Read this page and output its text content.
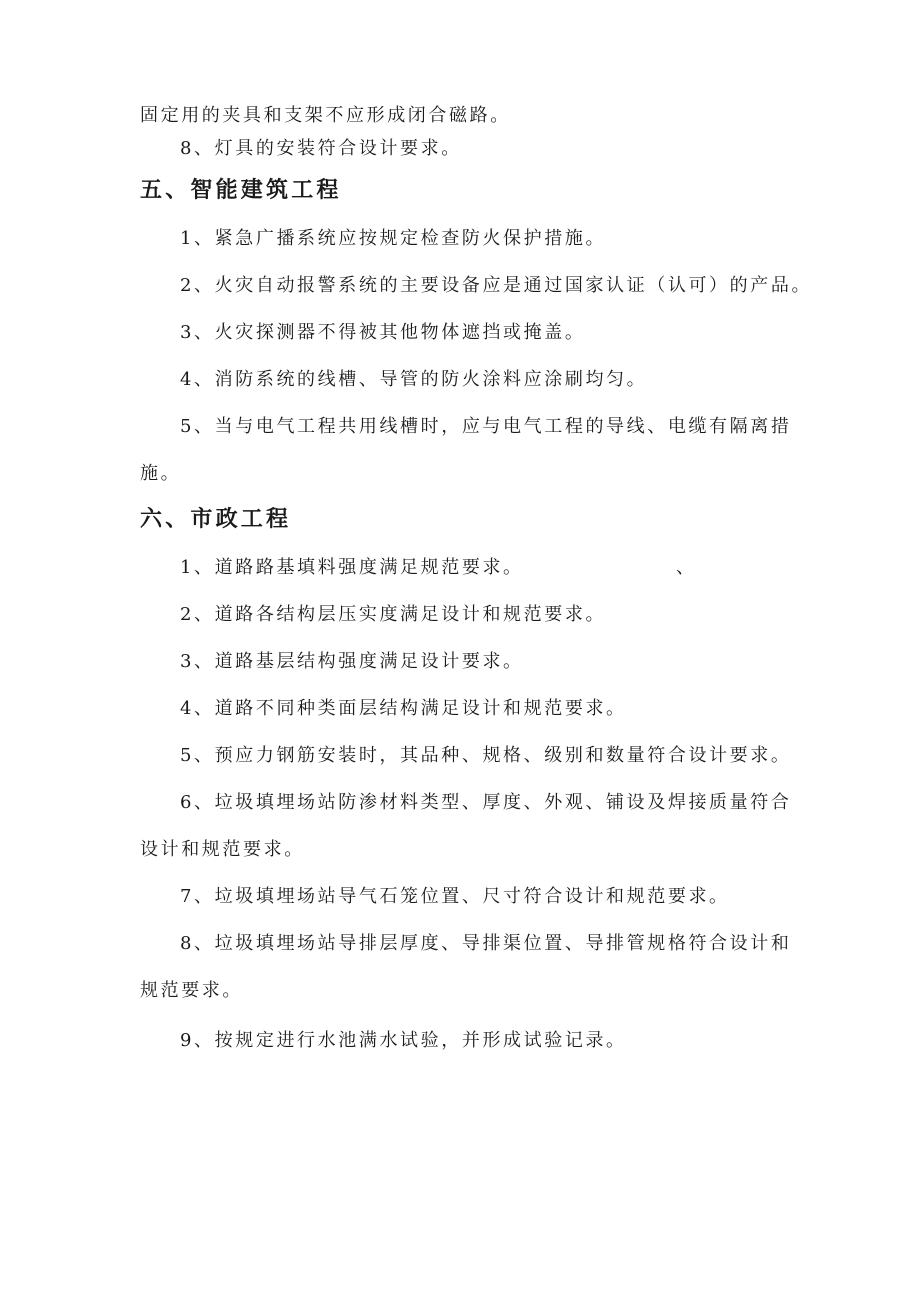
固定用的夹具和支架不应形成闭合磁路。
8、灯具的安装符合设计要求。
五、智能建筑工程
1、紧急广播系统应按规定检查防火保护措施。
2、火灾自动报警系统的主要设备应是通过国家认证（认可）的产品。
3、火灾探测器不得被其他物体遮挡或掩盖。
4、消防系统的线槽、导管的防火涂料应涂刷均匀。
5、当与电气工程共用线槽时，应与电气工程的导线、电缆有隔离措
施。
六、市政工程
1、道路路基填料强度满足规范要求。	、
2、道路各结构层压实度满足设计和规范要求。
3、道路基层结构强度满足设计要求。
4、道路不同种类面层结构满足设计和规范要求。
5、预应力钢筋安装时，其品种、规格、级别和数量符合设计要求。
6、垃圾填埋场站防渗材料类型、厚度、外观、铺设及焊接质量符合
设计和规范要求。
7、垃圾填埋场站导气石笼位置、尺寸符合设计和规范要求。
8、垃圾填埋场站导排层厚度、导排渠位置、导排管规格符合设计和
规范要求。
9、按规定进行水池满水试验，并形成试验记录。
